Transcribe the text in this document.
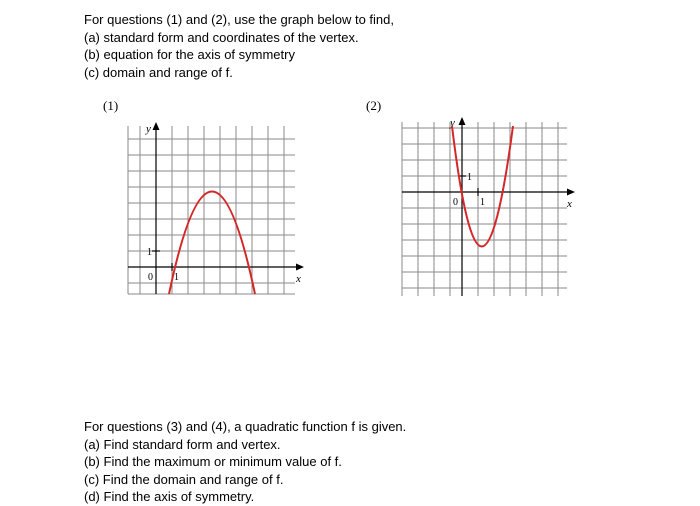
For questions (1) and (2), use the graph below to find,

(a) standard form and coordinates of the vertex.

(b) equation for the axis of symmetry

(c) domain and range of f.

(1)	(2)
y
x
0 1
1
y
x
0 1
1

For questions (3) and (4), a quadratic function f is given.

(a) Find standard form and vertex.

(b) Find the maximum or minimum value of f.

(c) Find the domain and range of f.

(d) Find the axis of symmetry.
